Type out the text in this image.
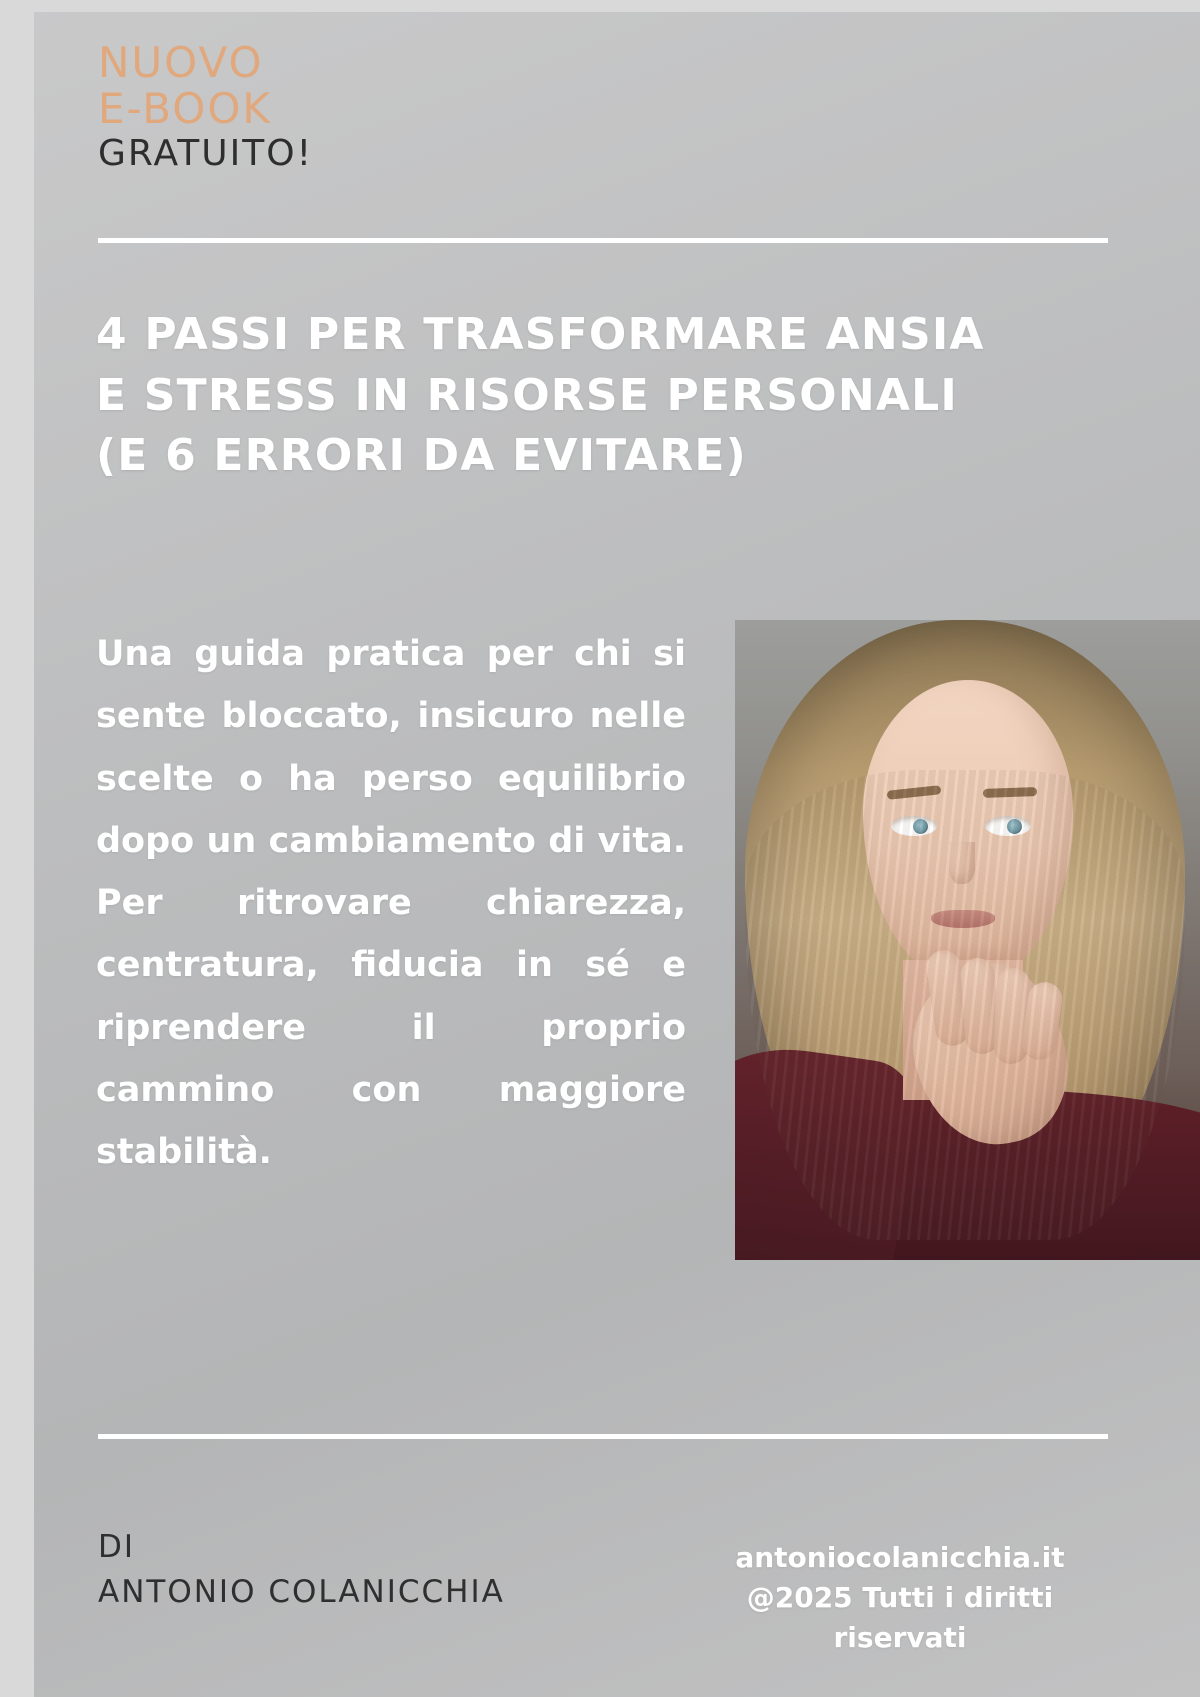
NUOVO
E-BOOK
GRATUITO!
4 PASSI PER TRASFORMARE ANSIA
E STRESS IN RISORSE PERSONALI
(E 6 ERRORI DA EVITARE)

Una guida pratica per chi si sente bloccato, insicuro nelle scelte o ha perso equilibrio dopo un cambiamento di vita. Per ritrovare chiarezza, centratura, fiducia in sé e riprendere il proprio cammino con maggiore stabilità.

DI
ANTONIO COLANICCHIA
antoniocolanicchia.it
@2025 Tutti i diritti riservati
